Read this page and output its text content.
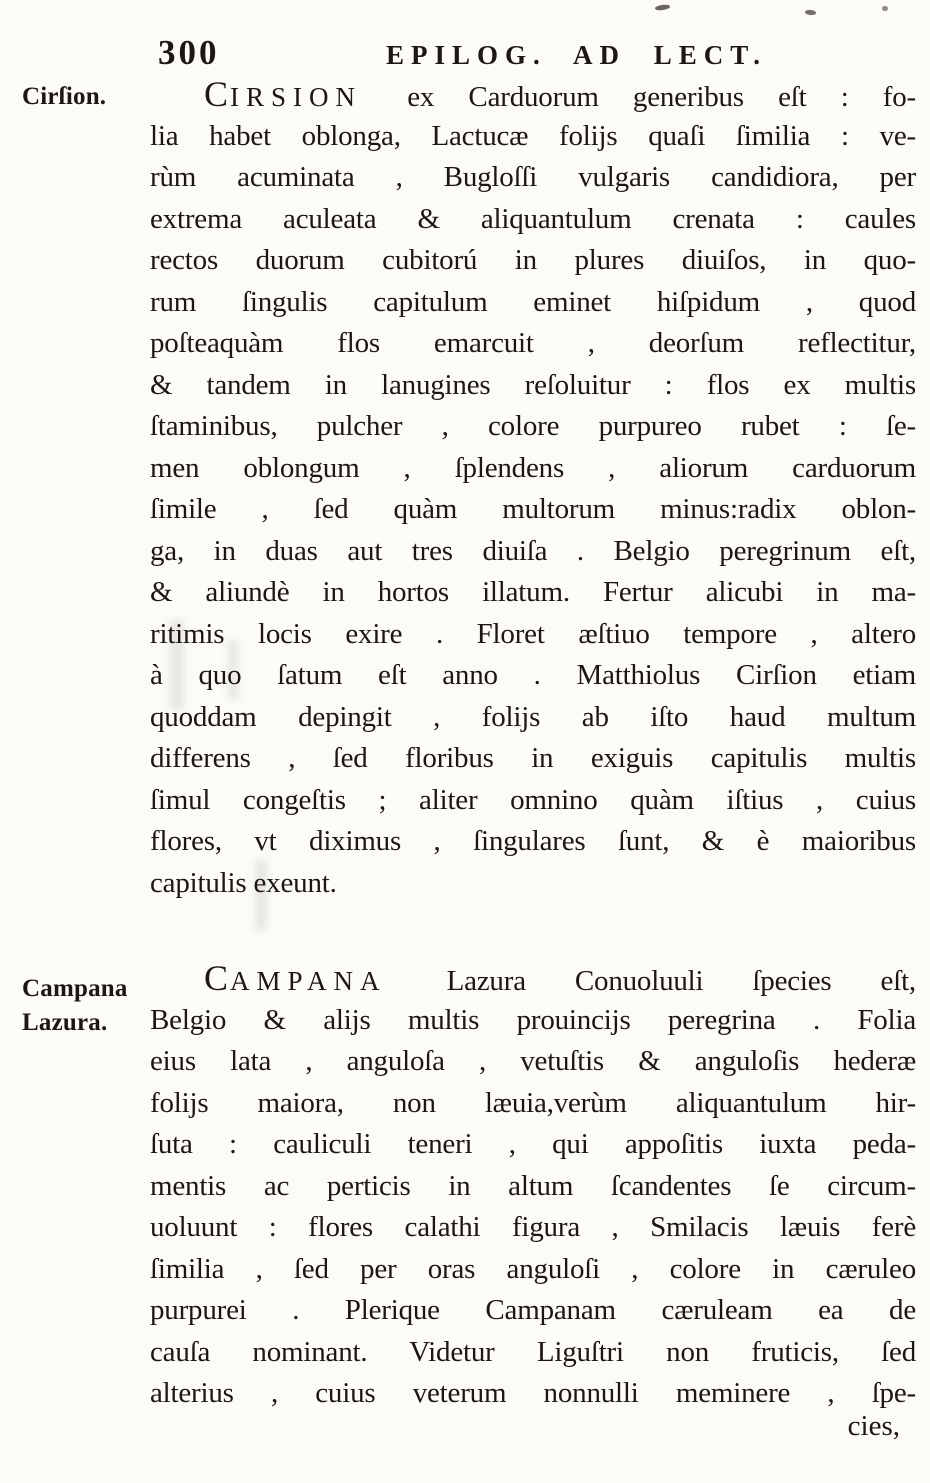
300	EPILOG. AD LECT.
Cirſion.
Campana
Lazura.
CIRSION ex Carduorum generibus eſt : fo-
lia habet oblonga, Lactucæ folijs quaſi ſimilia : ve-
rùm acuminata , Bugloſſi vulgaris candidiora, per
extrema aculeata & aliquantulum crenata : caules
rectos duorum cubitorú in plures diuiſos, in quo-
rum ſingulis capitulum eminet hiſpidum , quod
poſteaquàm flos emarcuit , deorſum reflectitur,
& tandem in lanugines reſoluitur : flos ex multis
ſtaminibus, pulcher , colore purpureo rubet : ſe-
men oblongum , ſplendens , aliorum carduorum
ſimile , ſed quàm multorum minus:radix oblon-
ga, in duas aut tres diuiſa . Belgio peregrinum eſt,
& aliundè in hortos illatum. Fertur alicubi in ma-
ritimis locis exire . Floret æſtiuo tempore , altero
à quo ſatum eſt anno . Matthiolus Cirſion etiam
quoddam depingit , folijs ab iſto haud multum
differens , ſed floribus in exiguis capitulis multis
ſimul congeſtis ; aliter omnino quàm iſtius , cuius
flores, vt diximus , ſingulares ſunt, & è maioribus
capitulis exeunt.
CAMPANA Lazura Conuoluuli ſpecies eſt,
Belgio & alijs multis prouincijs peregrina . Folia
eius lata , anguloſa , vetuſtis & anguloſis hederæ
folijs maiora, non læuia,verùm aliquantulum hir-
ſuta : cauliculi teneri , qui appoſitis iuxta peda-
mentis ac perticis in altum ſcandentes ſe circum-
uoluunt : flores calathi figura , Smilacis læuis ferè
ſimilia , ſed per oras anguloſi , colore in cæruleo
purpurei . Plerique Campanam cæruleam ea de
cauſa nominant. Videtur Liguſtri non fruticis, ſed
alterius , cuius veterum nonnulli meminere , ſpe-
cies,
